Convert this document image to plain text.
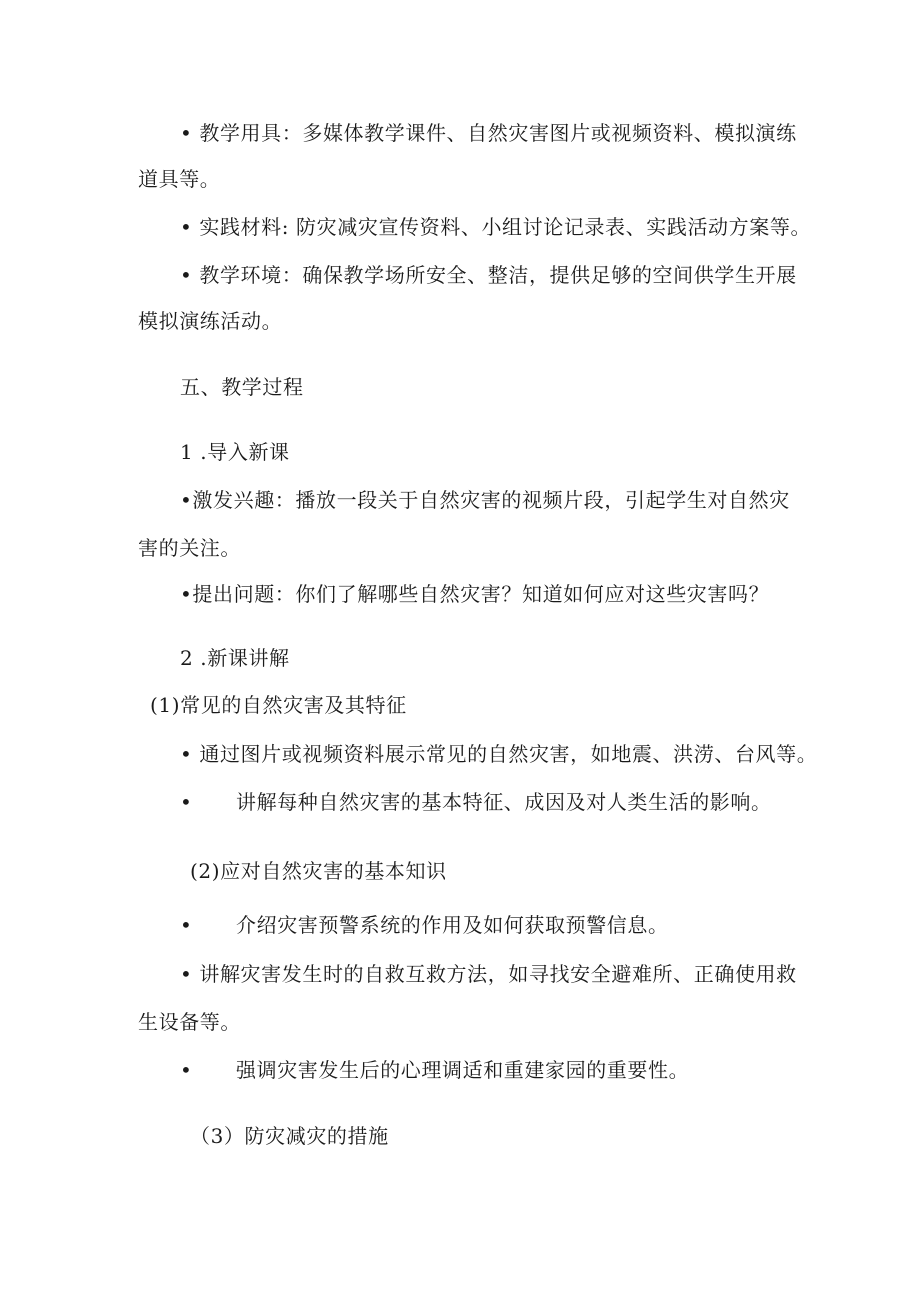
• 教学用具：多媒体教学课件、自然灾害图片或视频资料、模拟演练
道具等。
• 实践材料: 防灾减灾宣传资料、小组讨论记录表、实践活动方案等。
• 教学环境：确保教学场所安全、整洁，提供足够的空间供学生开展
模拟演练活动。
五、教学过程
1 .导入新课
•激发兴趣：播放一段关于自然灾害的视频片段，引起学生对自然灾
害的关注。
•提出问题：你们了解哪些自然灾害？知道如何应对这些灾害吗？
2 .新课讲解
(1)常见的自然灾害及其特征
• 通过图片或视频资料展示常见的自然灾害，如地震、洪涝、台风等。
• 讲解每种自然灾害的基本特征、成因及对人类生活的影响。
(2)应对自然灾害的基本知识
• 介绍灾害预警系统的作用及如何获取预警信息。
• 讲解灾害发生时的自救互救方法，如寻找安全避难所、正确使用救
生设备等。
• 强调灾害发生后的心理调适和重建家园的重要性。
（3）防灾减灾的措施
